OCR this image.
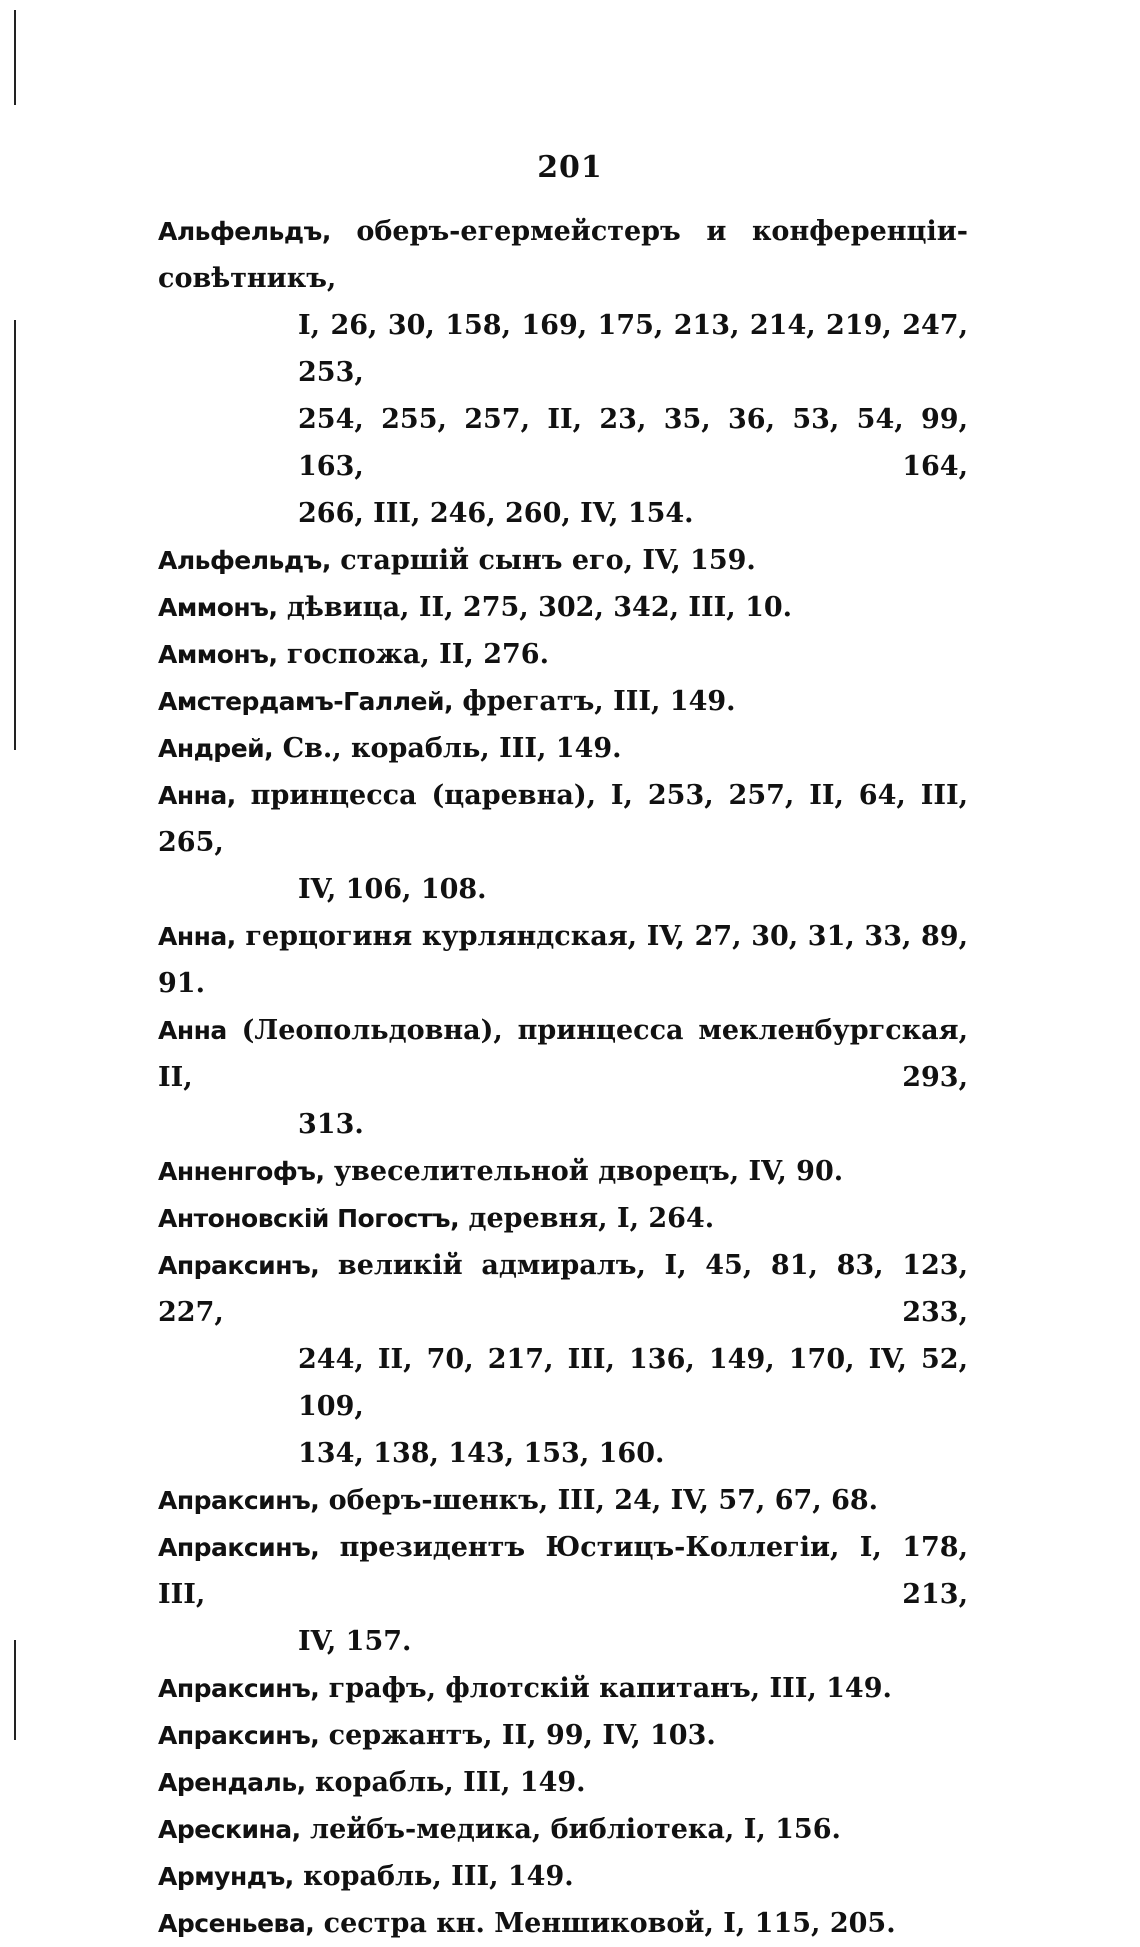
201
Альфельдъ, оберъ-егермейстеръ и конференціи-совѣтникъ,
I, 26, 30, 158, 169, 175, 213, 214, 219, 247, 253,
254, 255, 257, II, 23, 35, 36, 53, 54, 99, 163, 164,
266, III, 246, 260, IV, 154.
Альфельдъ, старшій сынъ его, IV, 159.
Аммонъ, дѣвица, II, 275, 302, 342, III, 10.
Аммонъ, госпожа, II, 276.
Амстердамъ-Галлей, фрегатъ, III, 149.
Андрей, Св., корабль, III, 149.
Анна, принцесса (царевна), I, 253, 257, II, 64, III, 265,
IV, 106, 108.
Анна, герцогиня курляндская, IV, 27, 30, 31, 33, 89, 91.
Анна (Леопольдовна), принцесса мекленбургская, II, 293,
313.
Анненгофъ, увеселительной дворецъ, IV, 90.
Антоновскій Погостъ, деревня, I, 264.
Апраксинъ, великій адмиралъ, I, 45, 81, 83, 123, 227, 233,
244, II, 70, 217, III, 136, 149, 170, IV, 52, 109,
134, 138, 143, 153, 160.
Апраксинъ, оберъ-шенкъ, III, 24, IV, 57, 67, 68.
Апраксинъ, президентъ Юстицъ-Коллегіи, I, 178, III, 213,
IV, 157.
Апраксинъ, графъ, флотскій капитанъ, III, 149.
Апраксинъ, сержантъ, II, 99, IV, 103.
Арендаль, корабль, III, 149.
Арескина, лейбъ-медика, библіотека, I, 156.
Армундъ, корабль, III, 149.
Арсеньева, сестра кн. Меншиковой, I, 115, 205.
